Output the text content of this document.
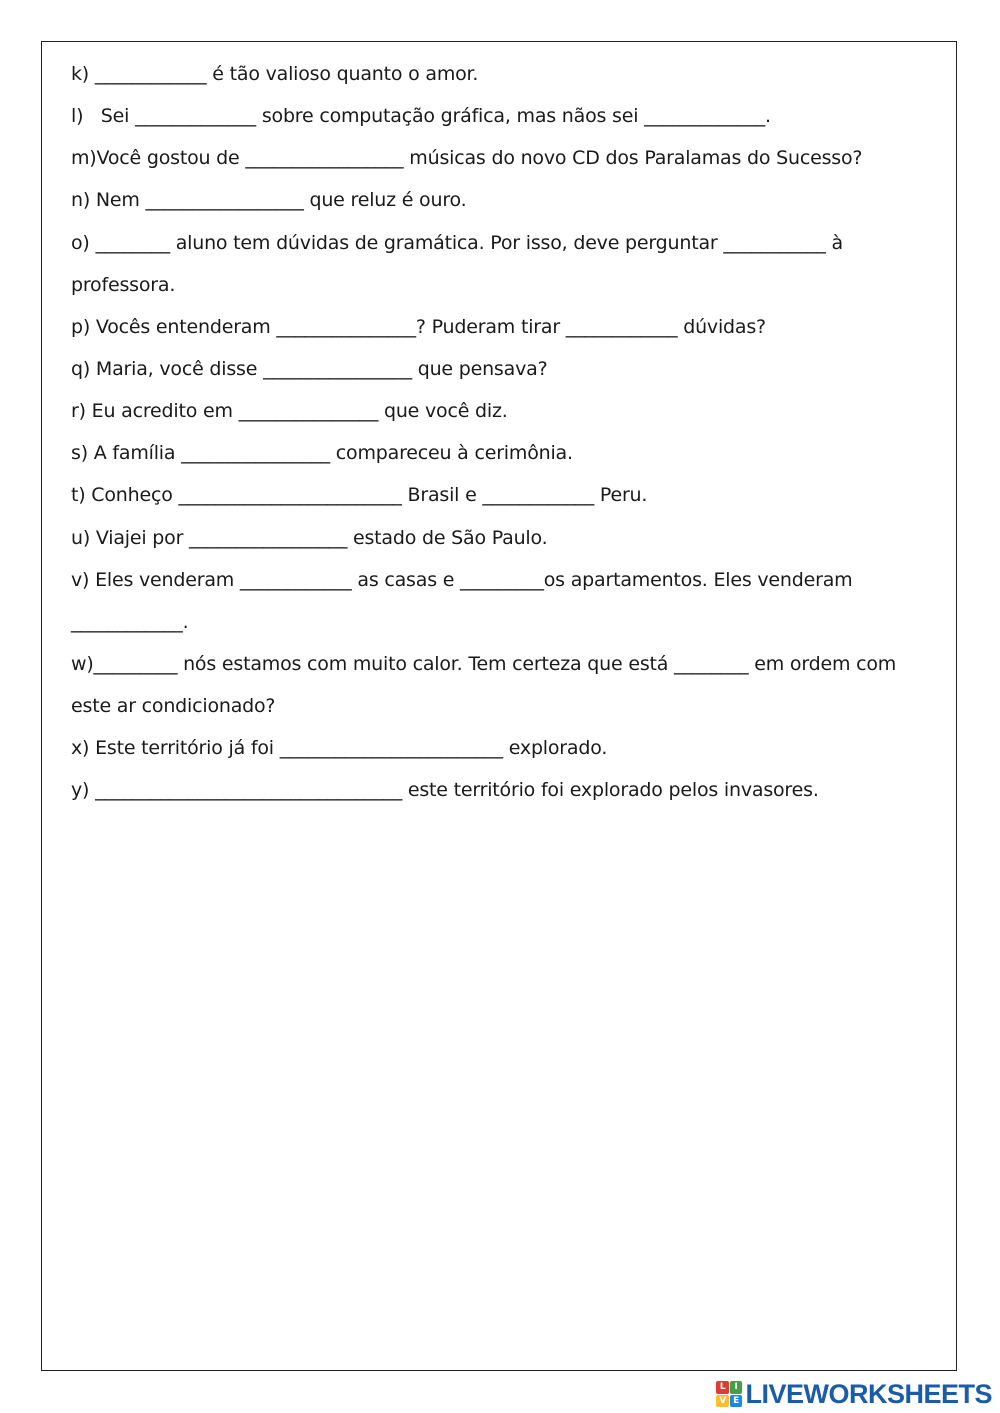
k) ____________ é tão valioso quanto o amor.

l)   Sei _____________ sobre computação gráfica, mas nãos sei _____________.

m)Você gostou de _________________ músicas do novo CD dos Paralamas do Sucesso?

n) Nem _________________ que reluz é ouro.

o) ________ aluno tem dúvidas de gramática. Por isso, deve perguntar ___________ à

professora.

p) Vocês entenderam _______________? Puderam tirar ____________ dúvidas?

q) Maria, você disse ________________ que pensava?

r) Eu acredito em _______________ que você diz.

s) A família ________________ compareceu à cerimônia.

t) Conheço ________________________ Brasil e ____________ Peru.

u) Viajei por _________________ estado de São Paulo.

v) Eles venderam ____________ as casas e _________os apartamentos. Eles venderam

____________.

w)_________ nós estamos com muito calor. Tem certeza que está ________ em ordem com

este ar condicionado?

x) Este território já foi ________________________ explorado.

y) _________________________________ este território foi explorado pelos invasores.

L I
V E LIVEWORKSHEETS
